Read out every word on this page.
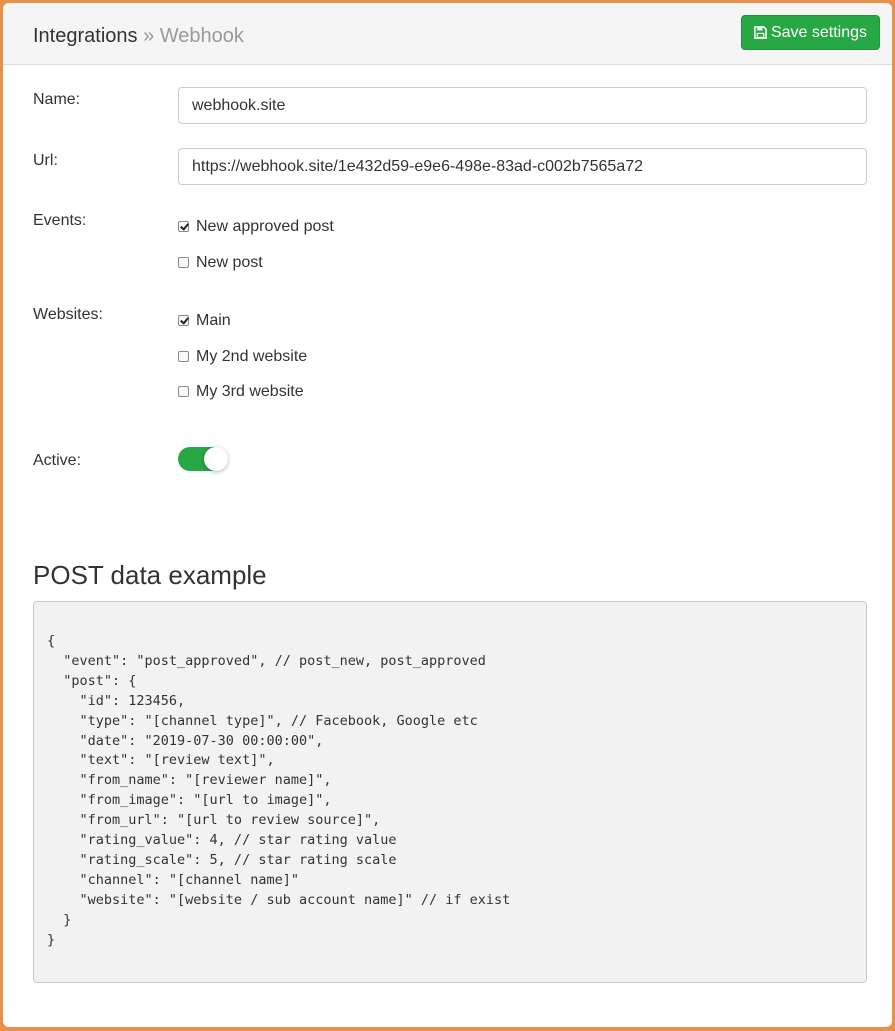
Integrations » Webhook	Save settings
Name:	webhook.site
Url:	https://webhook.site/1e432d59-e9e6-498e-83ad-c002b7565a72
Events:	New approved post
New post
Websites:	Main
My 2nd website
My 3rd website
Active:
POST data example
{
"event": "post_approved", // post_new, post_approved
"post": {
"id": 123456,
"type": "[channel type]", // Facebook, Google etc
"date": "2019-07-30 00:00:00",
"text": "[review text]",
"from_name": "[reviewer name]",
"from_image": "[url to image]",
"from_url": "[url to review source]",
"rating_value": 4, // star rating value
"rating_scale": 5, // star rating scale
"channel": "[channel name]"
"website": "[website / sub account name]" // if exist
}
}
